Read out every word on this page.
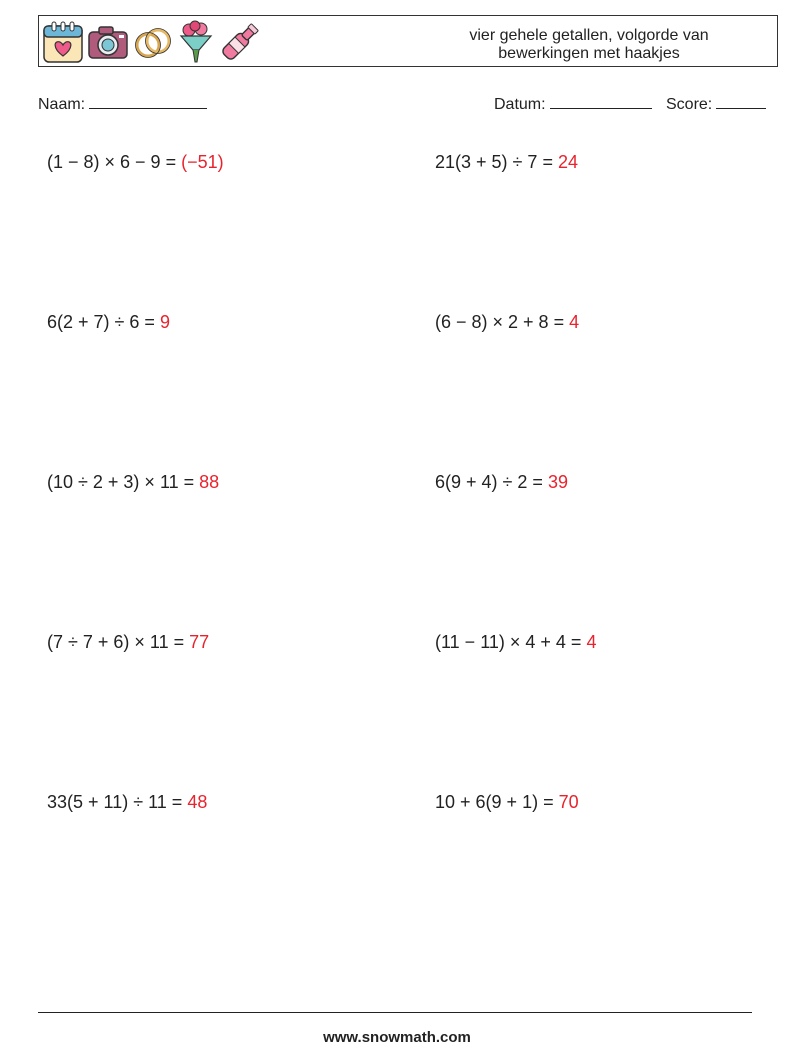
vier gehele getallen, volgorde van
bewerkingen met haakjes
Naam:	Datum:	Score:
(1 − 8) × 6 − 9 = (−51)	21(3 + 5) ÷ 7 = 24
6(2 + 7) ÷ 6 = 9	(6 − 8) × 2 + 8 = 4
(10 ÷ 2 + 3) × 11 = 88	6(9 + 4) ÷ 2 = 39
(7 ÷ 7 + 6) × 11 = 77	(11 − 11) × 4 + 4 = 4
33(5 + 11) ÷ 11 = 48	10 + 6(9 + 1) = 70
www.snowmath.com
